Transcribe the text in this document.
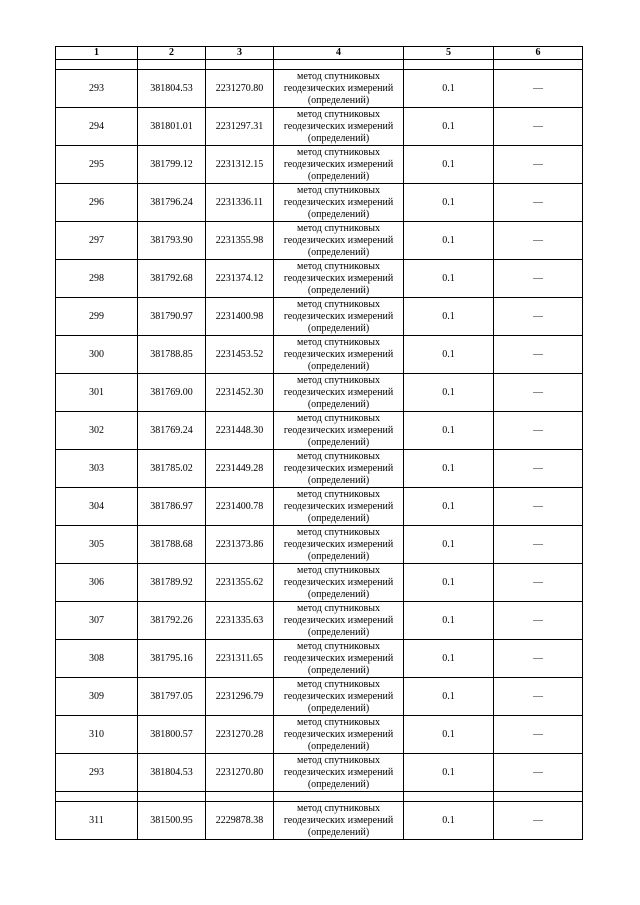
1	2	3	4	5	6

293	381804.53	2231270.80	метод спутниковых геодезических измерений (определений)	0.1	—
294	381801.01	2231297.31	метод спутниковых геодезических измерений (определений)	0.1	—
295	381799.12	2231312.15	метод спутниковых геодезических измерений (определений)	0.1	—
296	381796.24	2231336.11	метод спутниковых геодезических измерений (определений)	0.1	—
297	381793.90	2231355.98	метод спутниковых геодезических измерений (определений)	0.1	—
298	381792.68	2231374.12	метод спутниковых геодезических измерений (определений)	0.1	—
299	381790.97	2231400.98	метод спутниковых геодезических измерений (определений)	0.1	—
300	381788.85	2231453.52	метод спутниковых геодезических измерений (определений)	0.1	—
301	381769.00	2231452.30	метод спутниковых геодезических измерений (определений)	0.1	—
302	381769.24	2231448.30	метод спутниковых геодезических измерений (определений)	0.1	—
303	381785.02	2231449.28	метод спутниковых геодезических измерений (определений)	0.1	—
304	381786.97	2231400.78	метод спутниковых геодезических измерений (определений)	0.1	—
305	381788.68	2231373.86	метод спутниковых геодезических измерений (определений)	0.1	—
306	381789.92	2231355.62	метод спутниковых геодезических измерений (определений)	0.1	—
307	381792.26	2231335.63	метод спутниковых геодезических измерений (определений)	0.1	—
308	381795.16	2231311.65	метод спутниковых геодезических измерений (определений)	0.1	—
309	381797.05	2231296.79	метод спутниковых геодезических измерений (определений)	0.1	—
310	381800.57	2231270.28	метод спутниковых геодезических измерений (определений)	0.1	—
293	381804.53	2231270.80	метод спутниковых геодезических измерений (определений)	0.1	—

311	381500.95	2229878.38	метод спутниковых геодезических измерений (определений)	0.1	—
